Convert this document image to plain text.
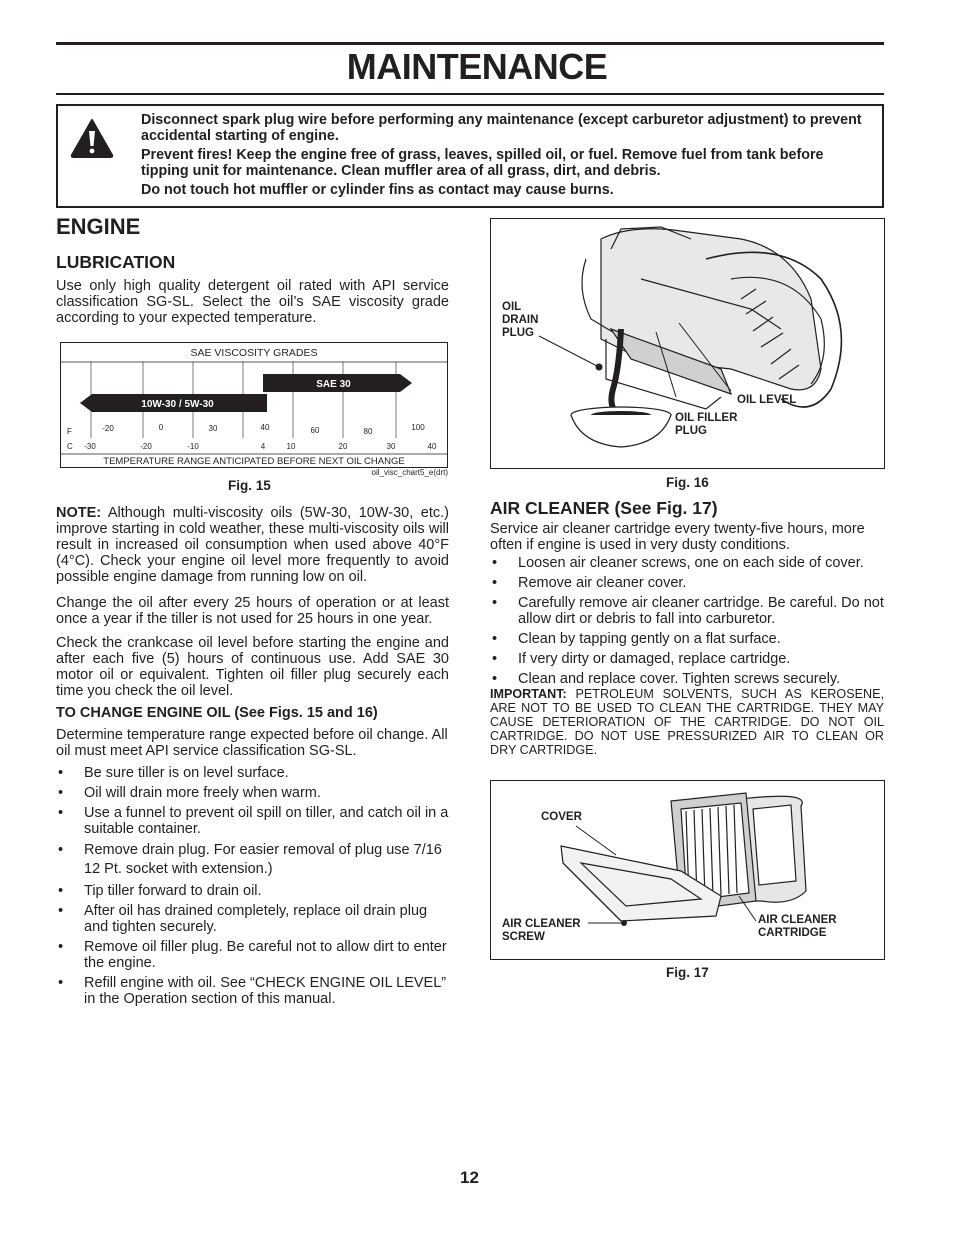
MAINTENANCE

Disconnect spark plug wire before performing any maintenance (except carburetor adjustment) to prevent accidental starting of engine.

Prevent fires! Keep the engine free of grass, leaves, spilled oil, or fuel. Remove fuel from tank before tipping unit for maintenance. Clean muffler area of all grass, dirt, and debris.

Do not touch hot muffler or cylinder fins as contact may cause burns.

ENGINE
LUBRICATION

Use only high quality detergent oil rated with API service classification SG-SL. Select the oil’s SAE viscosity grade according to your expected temperature.

SAE VISCOSITY GRADES
10W-30 / 5W-30
SAE 30
-20	0	30	40	60	80	100
-30	-20	-10	4	10	20	30	40
F
C
TEMPERATURE RANGE ANTICIPATED BEFORE NEXT OIL CHANGE
oil_visc_chart5_e(drt)
Fig. 15

NOTE: Although multi-viscosity oils (5W-30, 10W-30, etc.) improve starting in cold weather, these multi-viscosity oils will result in increased oil consumption when used above 40°F (4°C). Check your engine oil level more frequently to avoid possible engine damage from running low on oil.

Change the oil after every 25 hours of operation or at least once a year if the tiller is not used for 25 hours in one year.

Check the crankcase oil level before starting the engine and after each five (5) hours of continuous use. Add SAE 30 motor oil or equivalent. Tighten oil filler plug securely each time you check the oil level.

TO CHANGE ENGINE OIL (See Figs. 15 and 16)

Determine temperature range expected before oil change. All oil must meet API service classification SG-SL.

• Be sure tiller is on level surface.
• Oil will drain more freely when warm.
• Use a funnel to prevent oil spill on tiller, and catch oil in a suitable container.
• Remove drain plug. For easier removal of plug use 7/16 12 Pt. socket with extension.)
• Tip tiller forward to drain oil.
• After oil has drained completely, replace oil drain plug and tighten securely.
• Remove oil filler plug. Be careful not to allow dirt to enter the engine.
• Refill engine with oil. See “CHECK ENGINE OIL LEVEL” in the Operation section of this manual.
OIL
DRAIN
PLUG
OIL LEVEL
OIL FILLER
PLUG
Fig. 16
AIR CLEANER (See Fig. 17)

Service air cleaner cartridge every twenty-five hours, more often if engine is used in very dusty conditions.

• Loosen air cleaner screws, one on each side of cover.
• Remove air cleaner cover.
• Carefully remove air cleaner cartridge. Be careful. Do not allow dirt or debris to fall into carburetor.
• Clean by tapping gently on a flat surface.
• If very dirty or damaged, replace cartridge.
• Clean and replace cover. Tighten screws securely.

IMPORTANT: PETROLEUM SOLVENTS, SUCH AS KEROSENE, ARE NOT TO BE USED TO CLEAN THE CARTRIDGE. THEY MAY CAUSE DETERIORATION OF THE CARTRIDGE. DO NOT OIL CARTRIDGE. DO NOT USE PRESSURIZED AIR TO CLEAN OR DRY CARTRIDGE.

COVER
AIR CLEANER
SCREW
AIR CLEANER
CARTRIDGE
Fig. 17
12
